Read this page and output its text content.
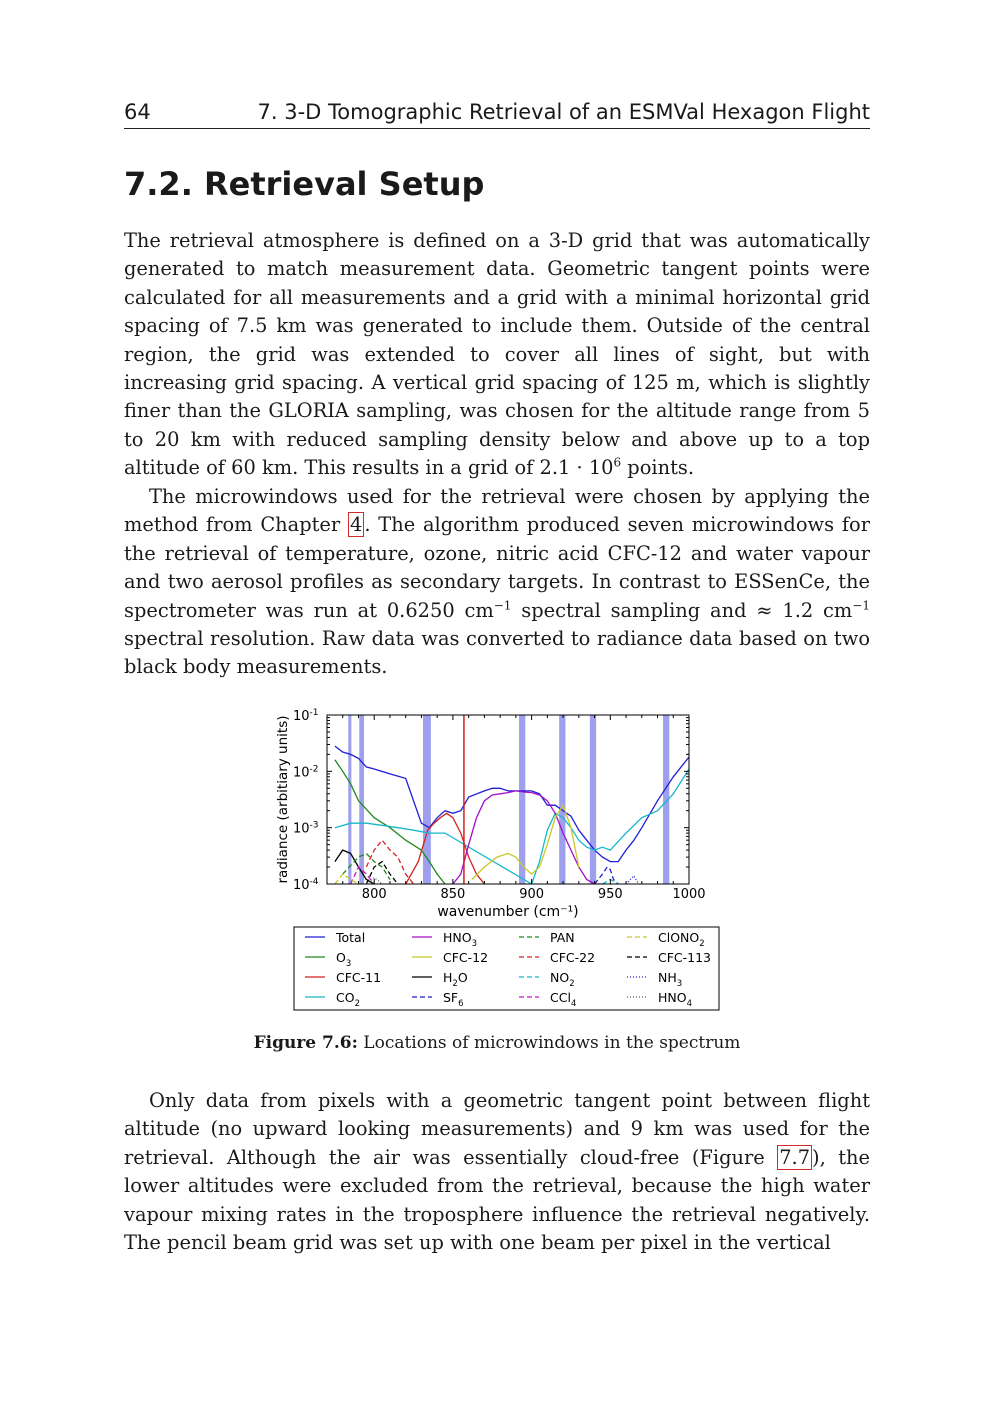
64	7. 3-D Tomographic Retrieval of an ESMVal Hexagon Flight
7.2. Retrieval Setup

The retrieval atmosphere is defined on a 3-D grid that was automatically generated to match measurement data. Geometric tangent points were calculated for all measurements and a grid with a minimal horizontal grid spacing of 7.5 km was generated to include them. Outside of the central region, the grid was extended to cover all lines of sight, but with increasing grid spacing. A vertical grid spacing of 125 m, which is slightly finer than the GLORIA sampling, was chosen for the altitude range from 5 to 20 km with reduced sampling density below and above up to a top altitude of 60 km. This results in a grid of $2.1 \cdot 10^6$ points.

The microwindows used for the retrieval were chosen by applying the method from Chapter 4 . The algorithm produced seven microwindows for the retrieval of temperature, ozone, nitric acid CFC-12 and water vapour and two aerosol profiles as secondary targets. In contrast to ESSenCe, the spectrometer was run at 0.6250 $cm^{-1}$ spectral sampling and ≈ 1.2 $cm^{-1}$ spectral resolution. Raw data was converted to radiance data based on two black body measurements.

800	850	900	950	1000
$10^{-1}$
$10^{-2}$
$10^{-3}$
$10^{-4}$
wavenumber (cm⁻¹)
radiance (arbitiary units)
Total
$O_3$
CFC-11
$CO_2$
$HNO_3$
CFC-12
$H_2O$
$SF_6$
PAN
CFC-22
$NO_2$
CCl$_4$
ClONO$_2$
CFC-113
$NH_3$
$HNO_4$
Figure 7.6: Locations of microwindows in the spectrum

Only data from pixels with a geometric tangent point between flight altitude (no upward looking measurements) and 9 km was used for the retrieval. Although the air was essentially cloud-free (Figure 7.7 ), the lower altitudes were excluded from the retrieval, because the high water vapour mixing rates in the troposphere influence the retrieval negatively. The pencil beam grid was set up with one beam per pixel in the vertical
